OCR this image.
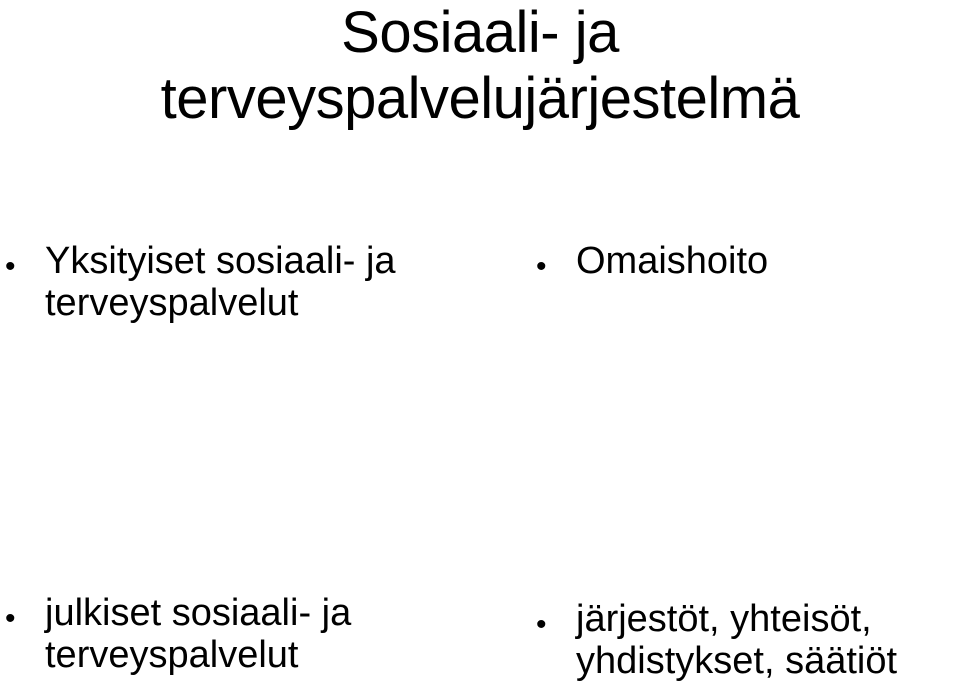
Sosiaali- ja
terveyspalvelujärjestelmä
• Yksityiset sosiaali- ja
terveyspalvelut
• Omaishoito
• julkiset sosiaali- ja
terveyspalvelut
• järjestöt, yhteisöt,
yhdistykset, säätiöt
